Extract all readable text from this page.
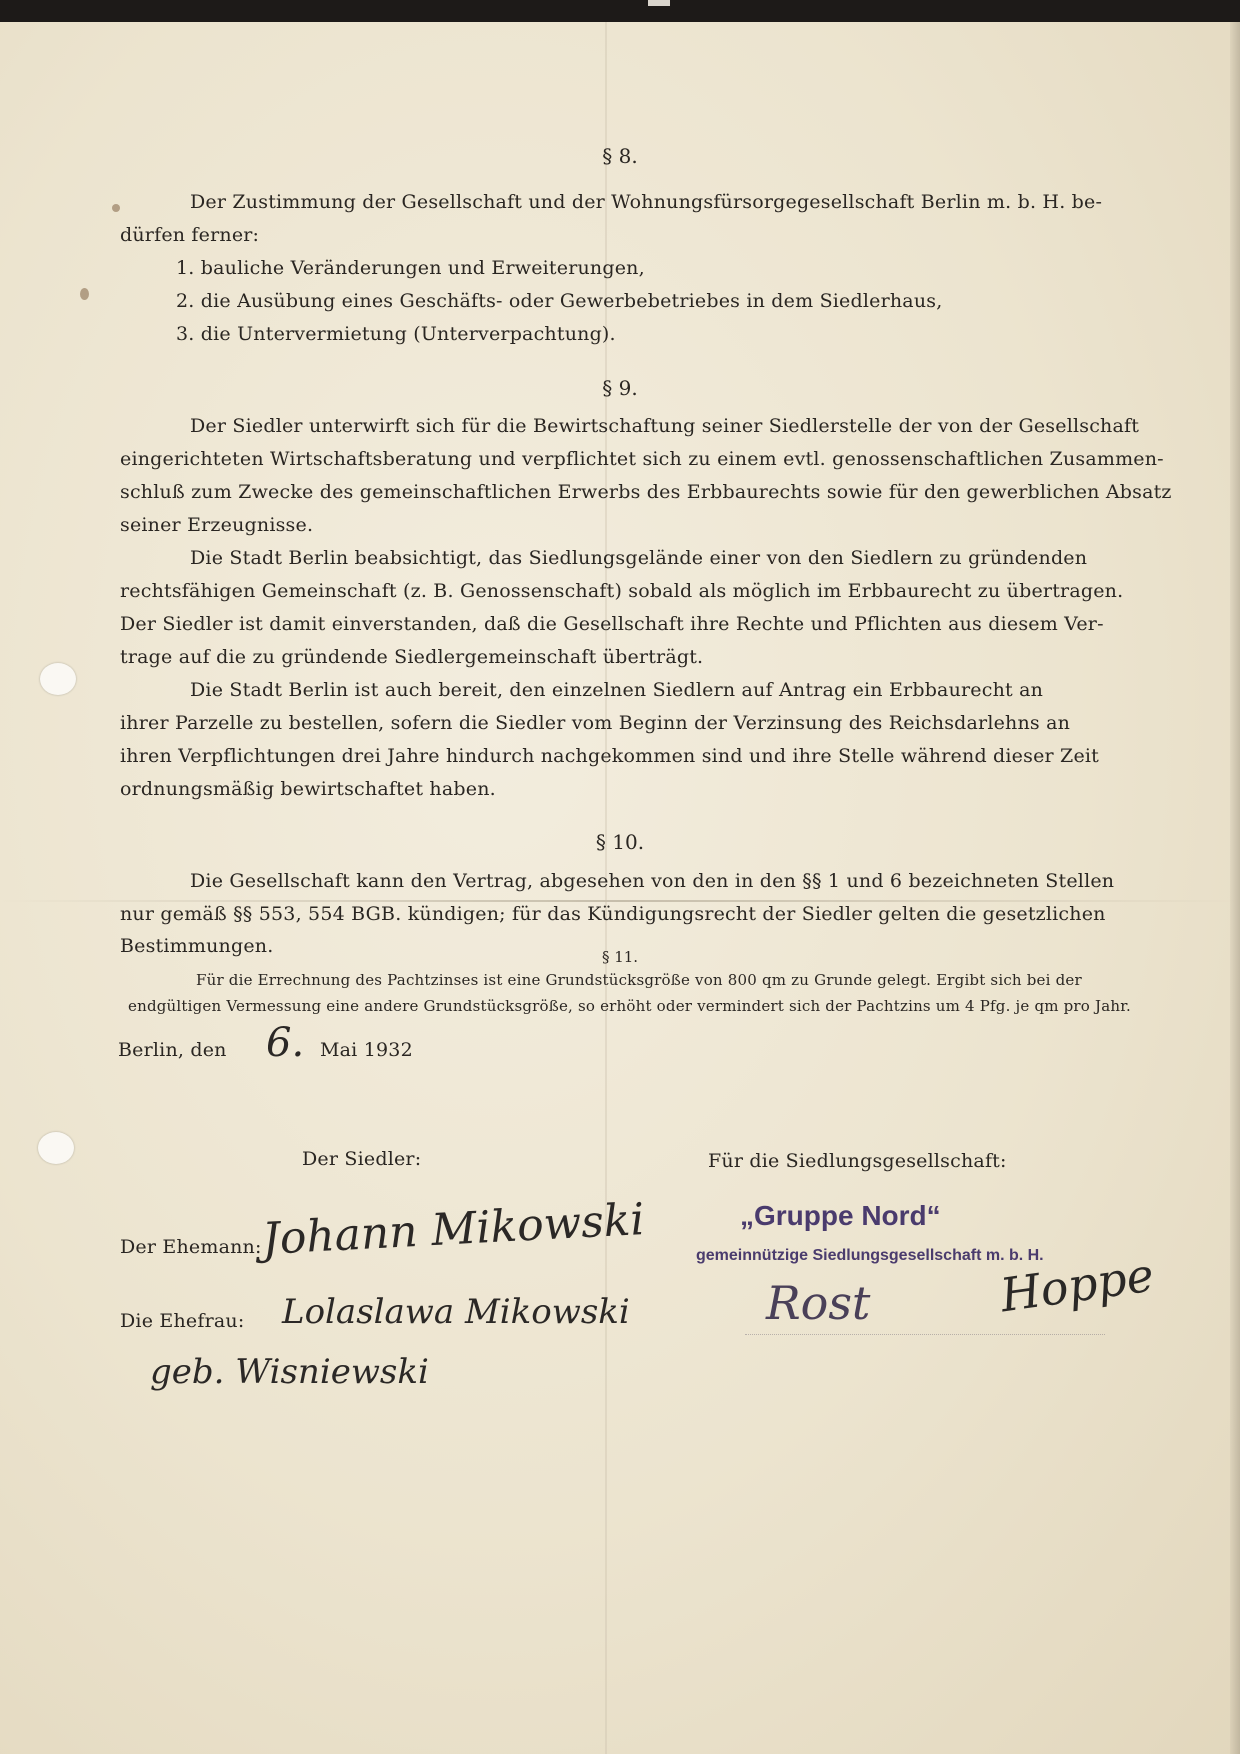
§ 8.
Der Zustimmung der Gesellschaft und der Wohnungsfürsorgegesellschaft Berlin m. b. H. be-
dürfen ferner:
1. bauliche Veränderungen und Erweiterungen,
2. die Ausübung eines Geschäfts- oder Gewerbebetriebes in dem Siedlerhaus,
3. die Untervermietung (Unterverpachtung).
§ 9.
Der Siedler unterwirft sich für die Bewirtschaftung seiner Siedlerstelle der von der Gesellschaft
eingerichteten Wirtschaftsberatung und verpflichtet sich zu einem evtl. genossenschaftlichen Zusammen-
schluß zum Zwecke des gemeinschaftlichen Erwerbs des Erbbaurechts sowie für den gewerblichen Absatz
seiner Erzeugnisse.
Die Stadt Berlin beabsichtigt, das Siedlungsgelände einer von den Siedlern zu gründenden
rechtsfähigen Gemeinschaft (z. B. Genossenschaft) sobald als möglich im Erbbaurecht zu übertragen.
Der Siedler ist damit einverstanden, daß die Gesellschaft ihre Rechte und Pflichten aus diesem Ver-
trage auf die zu gründende Siedlergemeinschaft überträgt.
Die Stadt Berlin ist auch bereit, den einzelnen Siedlern auf Antrag ein Erbbaurecht an
ihrer Parzelle zu bestellen, sofern die Siedler vom Beginn der Verzinsung des Reichsdarlehns an
ihren Verpflichtungen drei Jahre hindurch nachgekommen sind und ihre Stelle während dieser Zeit
ordnungsmäßig bewirtschaftet haben.
§ 10.
Die Gesellschaft kann den Vertrag, abgesehen von den in den §§ 1 und 6 bezeichneten Stellen
nur gemäß §§ 553, 554 BGB. kündigen; für das Kündigungsrecht der Siedler gelten die gesetzlichen
Bestimmungen.	§ 11.
Für die Errechnung des Pachtzinses ist eine Grundstücksgröße von 800 qm zu Grunde gelegt. Ergibt sich bei der
endgültigen Vermessung eine andere Grundstücksgröße, so erhöht oder vermindert sich der Pachtzins um 4 Pfg. je qm pro Jahr.
Berlin, den 6. Mai 1932
Der Siedler:	Für die Siedlungsgesellschaft:
Der Ehemann: Johann Mikowski
Die Ehefrau: Lolaslawa Mikowski
geb. Wisniewski
„Gruppe Nord“
gemeinnützige Siedlungsgesellschaft m. b. H.
Rost	Hoppe
